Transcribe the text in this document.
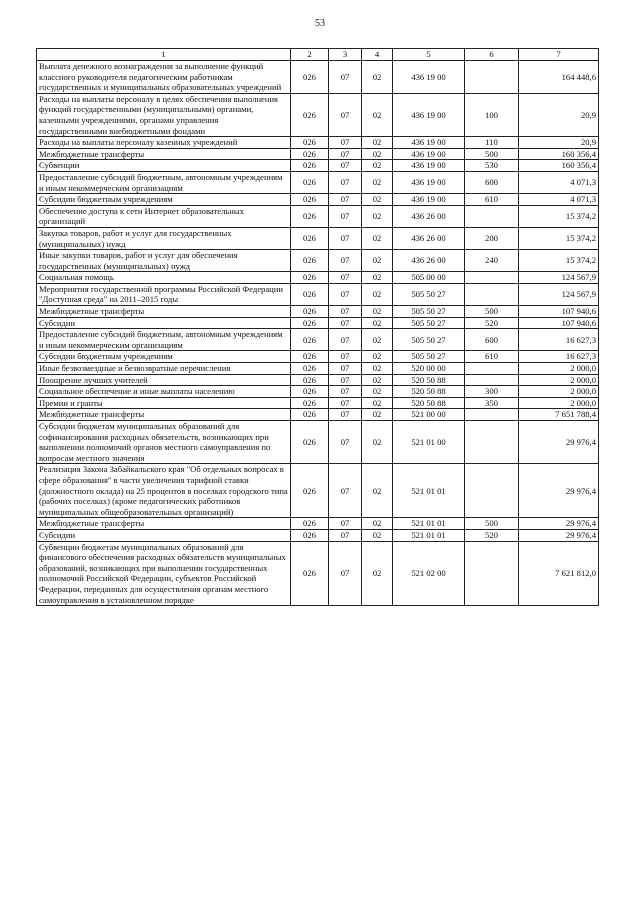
53
1	2	3	4	5	6	7
Выплата денежного вознаграждения за выполнение функций классного руководителя педагогическим работникам государственных и муниципальных образовательных учреждений	026	07	02	436 19 00		164 448,6
Расходы на выплаты персоналу в целях обеспечения выполнения функций государственными (муниципальными) органами, казенными учреждениями, органами управления государственными внебюджетными фондами	026	07	02	436 19 00	100	20,9
Расходы на выплаты персоналу казенных учреждений	026	07	02	436 19 00	110	20,9
Межбюджетные трансферты	026	07	02	436 19 00	500	160 356,4
Субвенции	026	07	02	436 19 00	530	160 356,4
Предоставление субсидий бюджетным, автономным учреждениям и иным некоммерческим организациям	026	07	02	436 19 00	600	4 071,3
Субсидии бюджетным учреждениям	026	07	02	436 19 00	610	4 071,3
Обеспечение доступа к сети Интернет образовательных организаций	026	07	02	436 26 00		15 374,2
Закупка товаров, работ и услуг для государственных (муниципальных) нужд	026	07	02	436 26 00	200	15 374,2
Иные закупки товаров, работ и услуг для обеспечения государственных (муниципальных) нужд	026	07	02	436 26 00	240	15 374,2
Социальная помощь	026	07	02	505 00 00		124 567,9
Мероприятия государственной программы Российской Федерации "Доступная среда" на 2011–2015 годы	026	07	02	505 50 27		124 567,9
Межбюджетные трансферты	026	07	02	505 50 27	500	107 940,6
Субсидии	026	07	02	505 50 27	520	107 940,6
Предоставление субсидий бюджетным, автономным учреждениям и иным некоммерческим организациям	026	07	02	505 50 27	600	16 627,3
Субсидии бюджетным учреждениям	026	07	02	505 50 27	610	16 627,3
Иные безвозмездные и безвозвратные перечисления	026	07	02	520 00 00		2 000,0
Поощрение лучших учителей	026	07	02	520 50 88		2 000,0
Социальное обеспечение и иные выплаты населению	026	07	02	520 50 88	300	2 000,0
Премии и гранты	026	07	02	520 50 88	350	2 000,0
Межбюджетные трансферты	026	07	02	521 00 00		7 651 788,4
Субсидии бюджетам муниципальных образований для софинансирования расходных обязательств, возникающих при выполнении полномочий органов местного самоуправления по вопросам местного значения	026	07	02	521 01 00		29 976,4
Реализация Закона Забайкальского края "Об отдельных вопросах в сфере образования" в части увеличения тарифной ставки (должностного оклада) на 25 процентов в поселках городского типа (рабочих поселках) (кроме педагогических работников муниципальных общеобразовательных организаций)	026	07	02	521 01 01		29 976,4
Межбюджетные трансферты	026	07	02	521 01 01	500	29 976,4
Субсидии	026	07	02	521 01 01	520	29 976,4
Субвенции бюджетам муниципальных образований для финансового обеспечения расходных обязательств муниципальных образований, возникающих при выполнении государственных полномочий Российской Федерации, субъектов Российской Федерации, переданных для осуществления органам местного самоуправления в установленном порядке	026	07	02	521 02 00		7 621 812,0
